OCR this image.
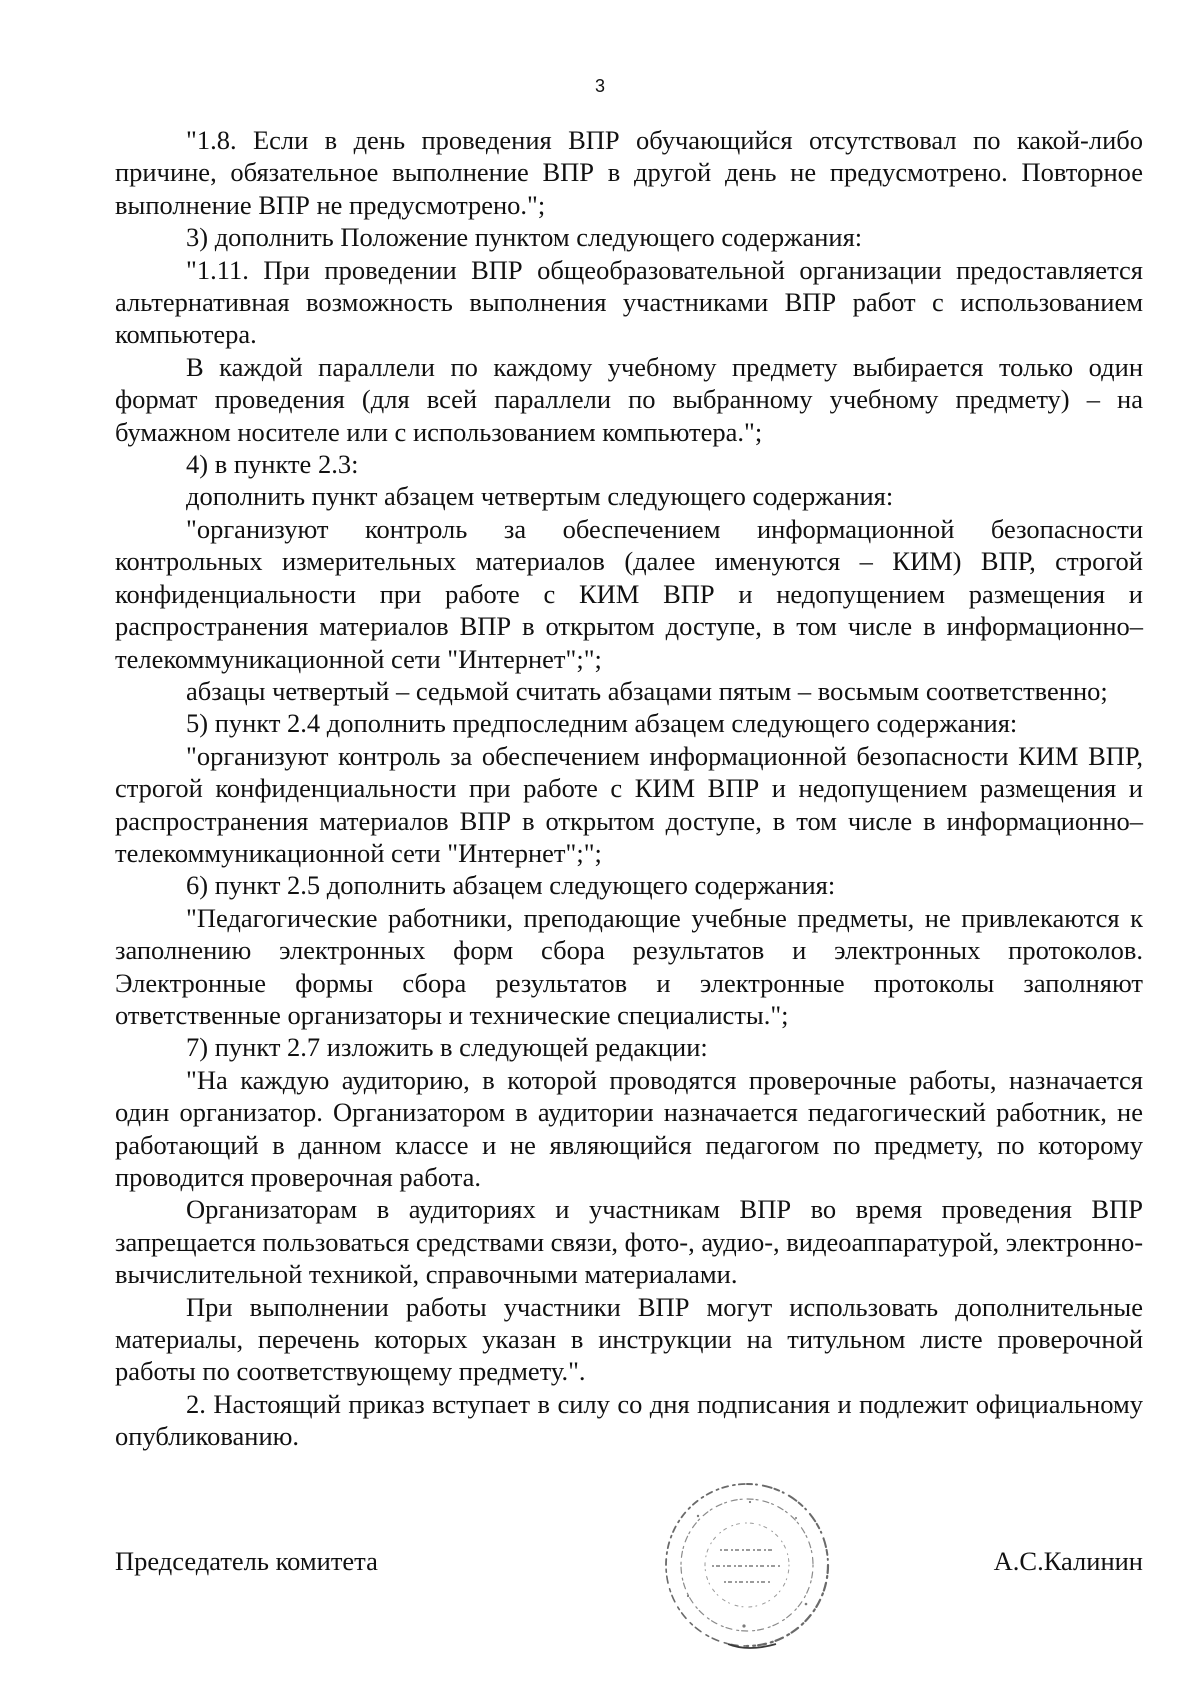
3

"1.8. Если в день проведения ВПР обучающийся отсутствовал по какой-либо причине, обязательное выполнение ВПР в другой день не предусмотрено. Повторное выполнение ВПР не предусмотрено.";

3) дополнить Положение пунктом следующего содержания:

"1.11. При проведении ВПР общеобразовательной организации предоставляется альтернативная возможность выполнения участниками ВПР работ с использованием компьютера.

В каждой параллели по каждому учебному предмету выбирается только один формат проведения (для всей параллели по выбранному учебному предмету) – на бумажном носителе или с использованием компьютера.";

4) в пункте 2.3:

дополнить пункт абзацем четвертым следующего содержания:

"организуют контроль за обеспечением информационной безопасности контрольных измерительных материалов (далее именуются – КИМ) ВПР, строгой конфиденциальности при работе с КИМ ВПР и недопущением размещения и распространения материалов ВПР в открытом доступе, в том числе в информационно–телекоммуникационной сети "Интернет";";

абзацы четвертый – седьмой считать абзацами пятым – восьмым соответственно;

5) пункт 2.4 дополнить предпоследним абзацем следующего содержания:

"организуют контроль за обеспечением информационной безопасности КИМ ВПР, строгой конфиденциальности при работе с КИМ ВПР и недопущением размещения и распространения материалов ВПР в открытом доступе, в том числе в информационно–телекоммуникационной сети "Интернет";";

6) пункт 2.5 дополнить абзацем следующего содержания:

"Педагогические работники, преподающие учебные предметы, не привлекаются к заполнению электронных форм сбора результатов и электронных протоколов. Электронные формы сбора результатов и электронные протоколы заполняют ответственные организаторы и технические специалисты.";

7) пункт 2.7 изложить в следующей редакции:

"На каждую аудиторию, в которой проводятся проверочные работы, назначается один организатор. Организатором в аудитории назначается педагогический работник, не работающий в данном классе и не являющийся педагогом по предмету, по которому проводится проверочная работа.

Организаторам в аудиториях и участникам ВПР во время проведения ВПР запрещается пользоваться средствами связи, фото-, аудио-, видеоаппаратурой, электронно-вычислительной техникой, справочными материалами.

При выполнении работы участники ВПР могут использовать дополнительные материалы, перечень которых указан в инструкции на титульном листе проверочной работы по соответствующему предмету.".

2. Настоящий приказ вступает в силу со дня подписания и подлежит официальному опубликованию.

Председатель комитета	А.С.Калинин
